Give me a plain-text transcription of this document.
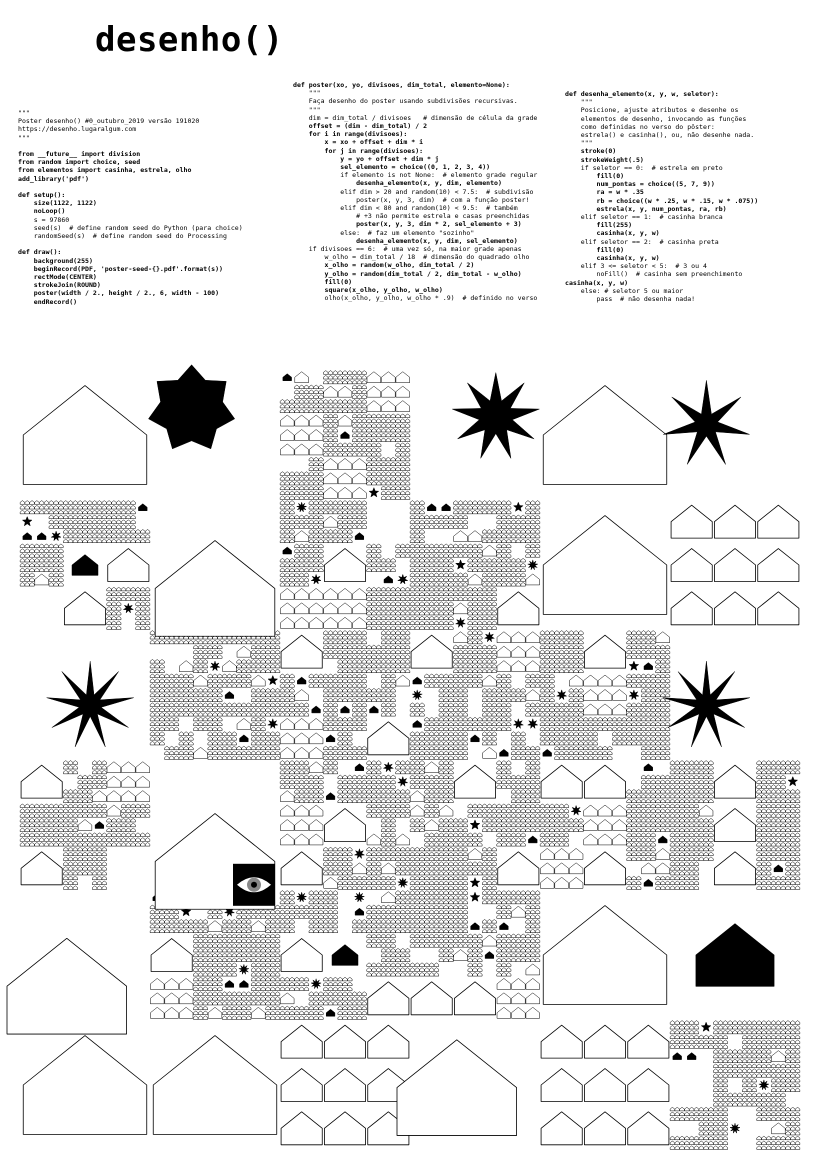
desenho()
"""
Poster desenho() #0_outubro_2019 versão 191020
https://desenho.lugaralgum.com
"""

from __future__ import division
from random import choice, seed
from elementos import casinha, estrela, olho
add_library('pdf')

def setup():
size(1122, 1122)
noLoop()
s = 97860
seed(s)  # define random seed do Python (para choice)
randomSeed(s)  # define random seed do Processing

def draw():
background(255)
beginRecord(PDF, 'poster-seed-{}.pdf'.format(s))
rectMode(CENTER)
strokeJoin(ROUND)
poster(width / 2., height / 2., 6, width - 100)
endRecord()
def poster(xo, yo, divisoes, dim_total, elemento=None):
"""
Faça desenho do poster usando subdivisões recursivas.
"""
dim = dim_total / divisoes   # dimensão de célula da grade
offset = (dim - dim_total) / 2
for i in range(divisoes):
x = xo + offset + dim * i
for j in range(divisoes):
y = yo + offset + dim * j
sel_elemento = choice((0, 1, 2, 3, 4))
if elemento is not None:  # elemento grade regular
desenha_elemento(x, y, dim, elemento)
elif dim > 20 and random(10) < 7.5:  # subdivisão
poster(x, y, 3, dim)  # com a função poster!
elif dim < 80 and random(10) < 9.5:  # também
# +3 não permite estrela e casas preenchidas
poster(x, y, 3, dim * 2, sel_elemento + 3)
else:  # faz um elemento "sozinho"
desenha_elemento(x, y, dim, sel_elemento)
if divisoes == 6:  # uma vez só, na maior grade apenas
w_olho = dim_total / 18  # dimensão do quadrado olho
x_olho = random(w_olho, dim_total / 2)
y_olho = random(dim_total / 2, dim_total - w_olho)
fill(0)
square(x_olho, y_olho, w_olho)
olho(x_olho, y_olho, w_olho * .9)  # definido no verso
def desenha_elemento(x, y, w, seletor):
"""
Posicione, ajuste atributos e desenhe os
elementos de desenho, invocando as funções
como definidas no verso do pôster:
estrela() e casinha(), ou, não desenhe nada.
"""
stroke(0)
strokeWeight(.5)
if seletor == 0:  # estrela em preto
fill(0)
num_pontas = choice((5, 7, 9))
ra = w * .35
rb = choice((w * .25, w * .15, w * .075))
estrela(x, y, num_pontas, ra, rb)
elif seletor == 1:  # casinha branca
fill(255)
casinha(x, y, w)
elif seletor == 2:  # casinha preta
fill(0)
casinha(x, y, w)
elif 3 <= seletor < 5:  # 3 ou 4
noFill()  # casinha sem preenchimento
casinha(x, y, w)
else: # seletor 5 ou maior
pass  # não desenha nada!
